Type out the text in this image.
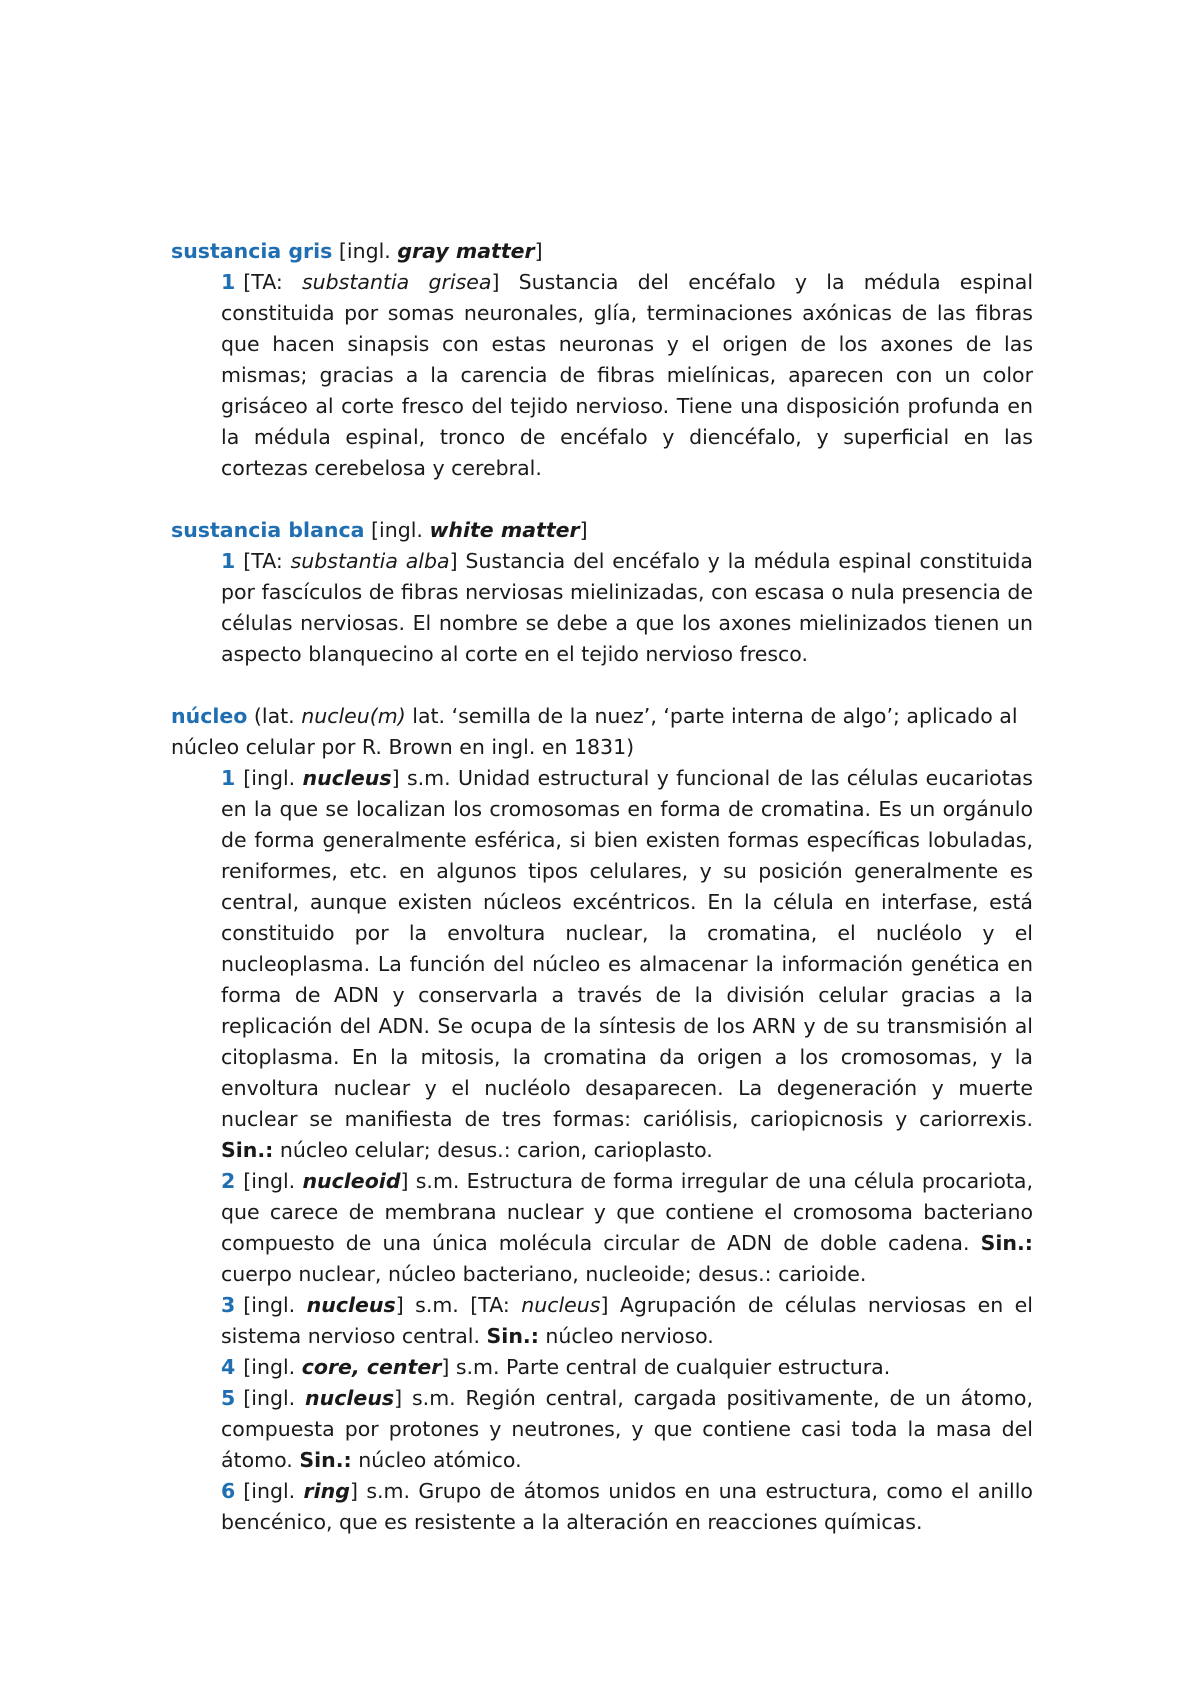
sustancia gris [ingl. gray matter]
1 [TA: substantia grisea] Sustancia del encéfalo y la médula espinal constituida por somas neuronales, glía, terminaciones axónicas de las fibras que hacen sinapsis con estas neuronas y el origen de los axones de las mismas; gracias a la carencia de fibras mielínicas, aparecen con un color grisáceo al corte fresco del tejido nervioso. Tiene una disposición profunda en la médula espinal, tronco de encéfalo y diencéfalo, y superficial en las cortezas cerebelosa y cerebral.
sustancia blanca [ingl. white matter]
1 [TA: substantia alba] Sustancia del encéfalo y la médula espinal constituida por fascículos de fibras nerviosas mielinizadas, con escasa o nula presencia de células nerviosas. El nombre se debe a que los axones mielinizados tienen un aspecto blanquecino al corte en el tejido nervioso fresco.
núcleo (lat. nucleu(m) lat. ‘semilla de la nuez’, ‘parte interna de algo’; aplicado al núcleo celular por R. Brown en ingl. en 1831)
1 [ingl. nucleus] s.m. Unidad estructural y funcional de las células eucariotas en la que se localizan los cromosomas en forma de cromatina. Es un orgánulo de forma generalmente esférica, si bien existen formas específicas lobuladas, reniformes, etc. en algunos tipos celulares, y su posición generalmente es central, aunque existen núcleos excéntricos. En la célula en interfase, está constituido por la envoltura nuclear, la cromatina, el nucléolo y el nucleoplasma. La función del núcleo es almacenar la información genética en forma de ADN y conservarla a través de la división celular gracias a la replicación del ADN. Se ocupa de la síntesis de los ARN y de su transmisión al citoplasma. En la mitosis, la cromatina da origen a los cromosomas, y la envoltura nuclear y el nucléolo desaparecen. La degeneración y muerte nuclear se manifiesta de tres formas: cariólisis, cariopicnosis y cariorrexis. Sin.: núcleo celular; desus.: carion, carioplasto.
2 [ingl. nucleoid] s.m. Estructura de forma irregular de una célula procariota, que carece de membrana nuclear y que contiene el cromosoma bacteriano compuesto de una única molécula circular de ADN de doble cadena. Sin.: cuerpo nuclear, núcleo bacteriano, nucleoide; desus.: carioide.
3 [ingl. nucleus] s.m. [TA: nucleus] Agrupación de células nerviosas en el sistema nervioso central. Sin.: núcleo nervioso.
4 [ingl. core, center] s.m. Parte central de cualquier estructura.
5 [ingl. nucleus] s.m. Región central, cargada positivamente, de un átomo, compuesta por protones y neutrones, y que contiene casi toda la masa del átomo. Sin.: núcleo atómico.
6 [ingl. ring] s.m. Grupo de átomos unidos en una estructura, como el anillo bencénico, que es resistente a la alteración en reacciones químicas.
